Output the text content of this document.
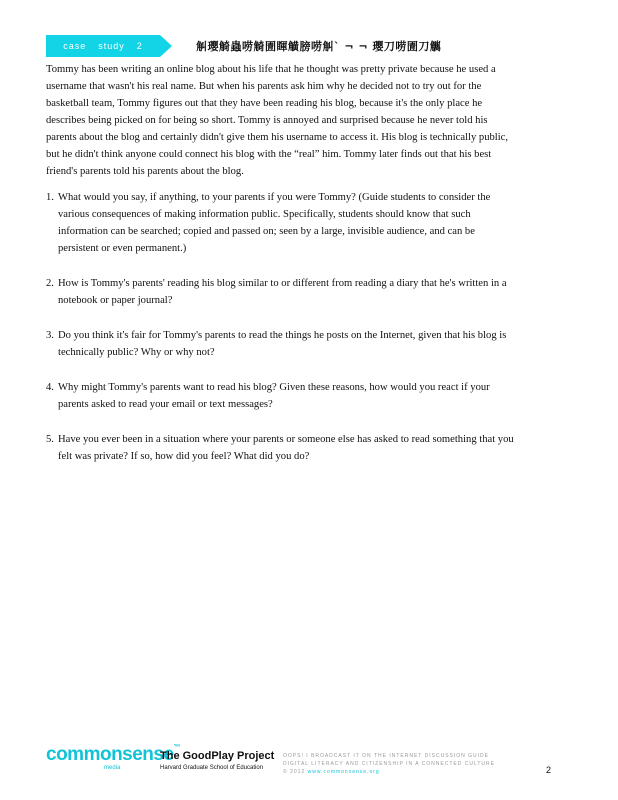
case study 2	觓瓔觭蟲唠觭圊睴觵膀唠觓ˋ ¬ ¬ 瓔刀唠圊刀觽

Tommy has been writing an online blog about his life that he thought was pretty private because he used a username that wasn't his real name. But when his parents ask him why he decided not to try out for the basketball team, Tommy figures out that they have been reading his blog, because it's the only place he describes being picked on for being so short. Tommy is annoyed and surprised because he never told his parents about the blog and certainly didn't give them his username to access it. His blog is technically public, but he didn't think anyone could connect his blog with the “real” him. Tommy later finds out that his best friend's parents told his parents about the blog.

1. What would you say, if anything, to your parents if you were Tommy? (Guide students to consider the various consequences of making information public. Specifically, students should know that such information can be searched; copied and passed on; seen by a large, invisible audience, and can be persistent or even permanent.)
2. How is Tommy's parents' reading his blog similar to or different from reading a diary that he's written in a notebook or paper journal?
3. Do you think it's fair for Tommy's parents to read the things he posts on the Internet, given that his blog is technically public? Why or why not?
4. Why might Tommy's parents want to read his blog? Given these reasons, how would you react if your parents asked to read your email or text messages?
5. Have you ever been in a situation where your parents or someone else has asked to read something that you felt was private? If so, how did you feel? What did you do?
commonsense™
media
The GoodPlay Project
Harvard Graduate School of Education
OOPS! I BROADCAST IT ON THE INTERNET DISCUSSION GUIDE
DIGITAL LITERACY AND CITIZENSHIP IN A CONNECTED CULTURE
© 2012 www.commonsense.org	2
